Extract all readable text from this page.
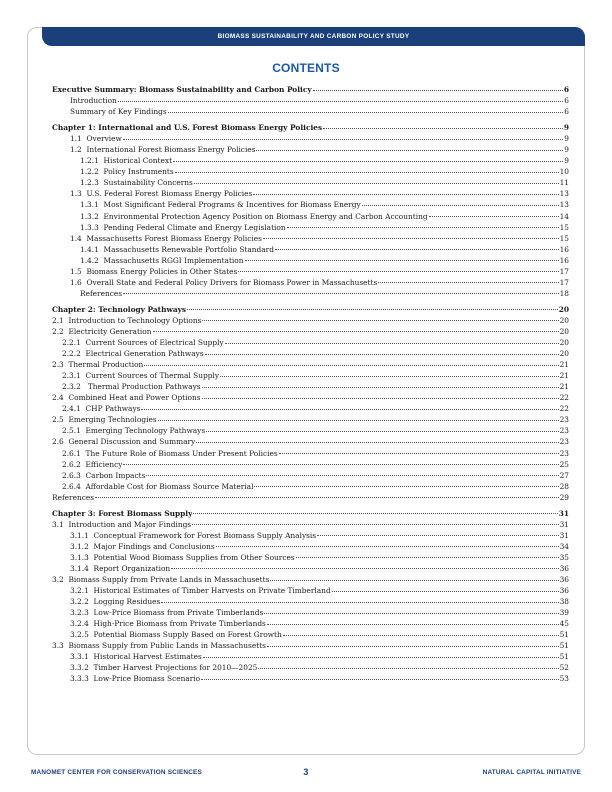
BIOMASS SUSTAINABILITY AND CARBON POLICY STUDY
CONTENTS
Executive Summary: Biomass Sustainability and Carbon Policy	6
Introduction	6
Summary of Key Findings	6
Chapter 1: International and U.S. Forest Biomass Energy Policies	9
1.1 Overview	9
1.2 International Forest Biomass Energy Policies	9
1.2.1 Historical Context	9
1.2.2 Policy Instruments	10
1.2.3 Sustainability Concerns	11
1.3 U.S. Federal Forest Biomass Energy Policies	13
1.3.1 Most Significant Federal Programs & Incentives for Biomass Energy	13
1.3.2 Environmental Protection Agency Position on Biomass Energy and Carbon Accounting	14
1.3.3 Pending Federal Climate and Energy Legislation	15
1.4 Massachusetts Forest Biomass Energy Policies	15
1.4.1 Massachusetts Renewable Portfolio Standard	16
1.4.2 Massachusetts RGGI Implementation	16
1.5 Biomass Energy Policies in Other States	17
1.6 Overall State and Federal Policy Drivers for Biomass Power in Massachusetts	17
References	18
Chapter 2: Technology Pathways	20
2.1 Introduction to Technology Options	20
2.2 Electricity Generation	20
2.2.1 Current Sources of Electrical Supply	20
2.2.2 Electrical Generation Pathways	20
2.3 Thermal Production	21
2.3.1 Current Sources of Thermal Supply	21
2.3.2   Thermal Production Pathways	21
2.4 Combined Heat and Power Options	22
2.4.1 CHP Pathways	22
2.5 Emerging Technologies	23
2.5.1 Emerging Technology Pathways	23
2.6 General Discussion and Summary	23
2.6.1 The Future Role of Biomass Under Present Policies	23
2.6.2 Efficiency	25
2.6.3 Carbon Impacts	27
2.6.4 Affordable Cost for Biomass Source Material	28
References	29
Chapter 3: Forest Biomass Supply	31
3.1 Introduction and Major Findings	31
3.1.1 Conceptual Framework for Forest Biomass Supply Analysis	31
3.1.2 Major Findings and Conclusions	34
3.1.3 Potential Wood Biomass Supplies from Other Sources	35
3.1.4 Report Organization	36
3.2 Biomass Supply from Private Lands in Massachusetts	36
3.2.1 Historical Estimates of Timber Harvests on Private Timberland	36
3.2.2 Logging Residues	38
3.2.3 Low-Price Biomass from Private Timberlands	39
3.2.4 High-Price Biomass from Private Timberlands	45
3.2.5 Potential Biomass Supply Based on Forest Growth	51
3.3 Biomass Supply from Public Lands in Massachusetts	51
3.3.1 Historical Harvest Estimates	51
3.3.2 Timber Harvest Projections for 2010—2025	52
3.3.3 Low-Price Biomass Scenario	53
MANOMET CENTER FOR CONSERVATION SCIENCES	3	NATURAL CAPITAL INITIATIVE
